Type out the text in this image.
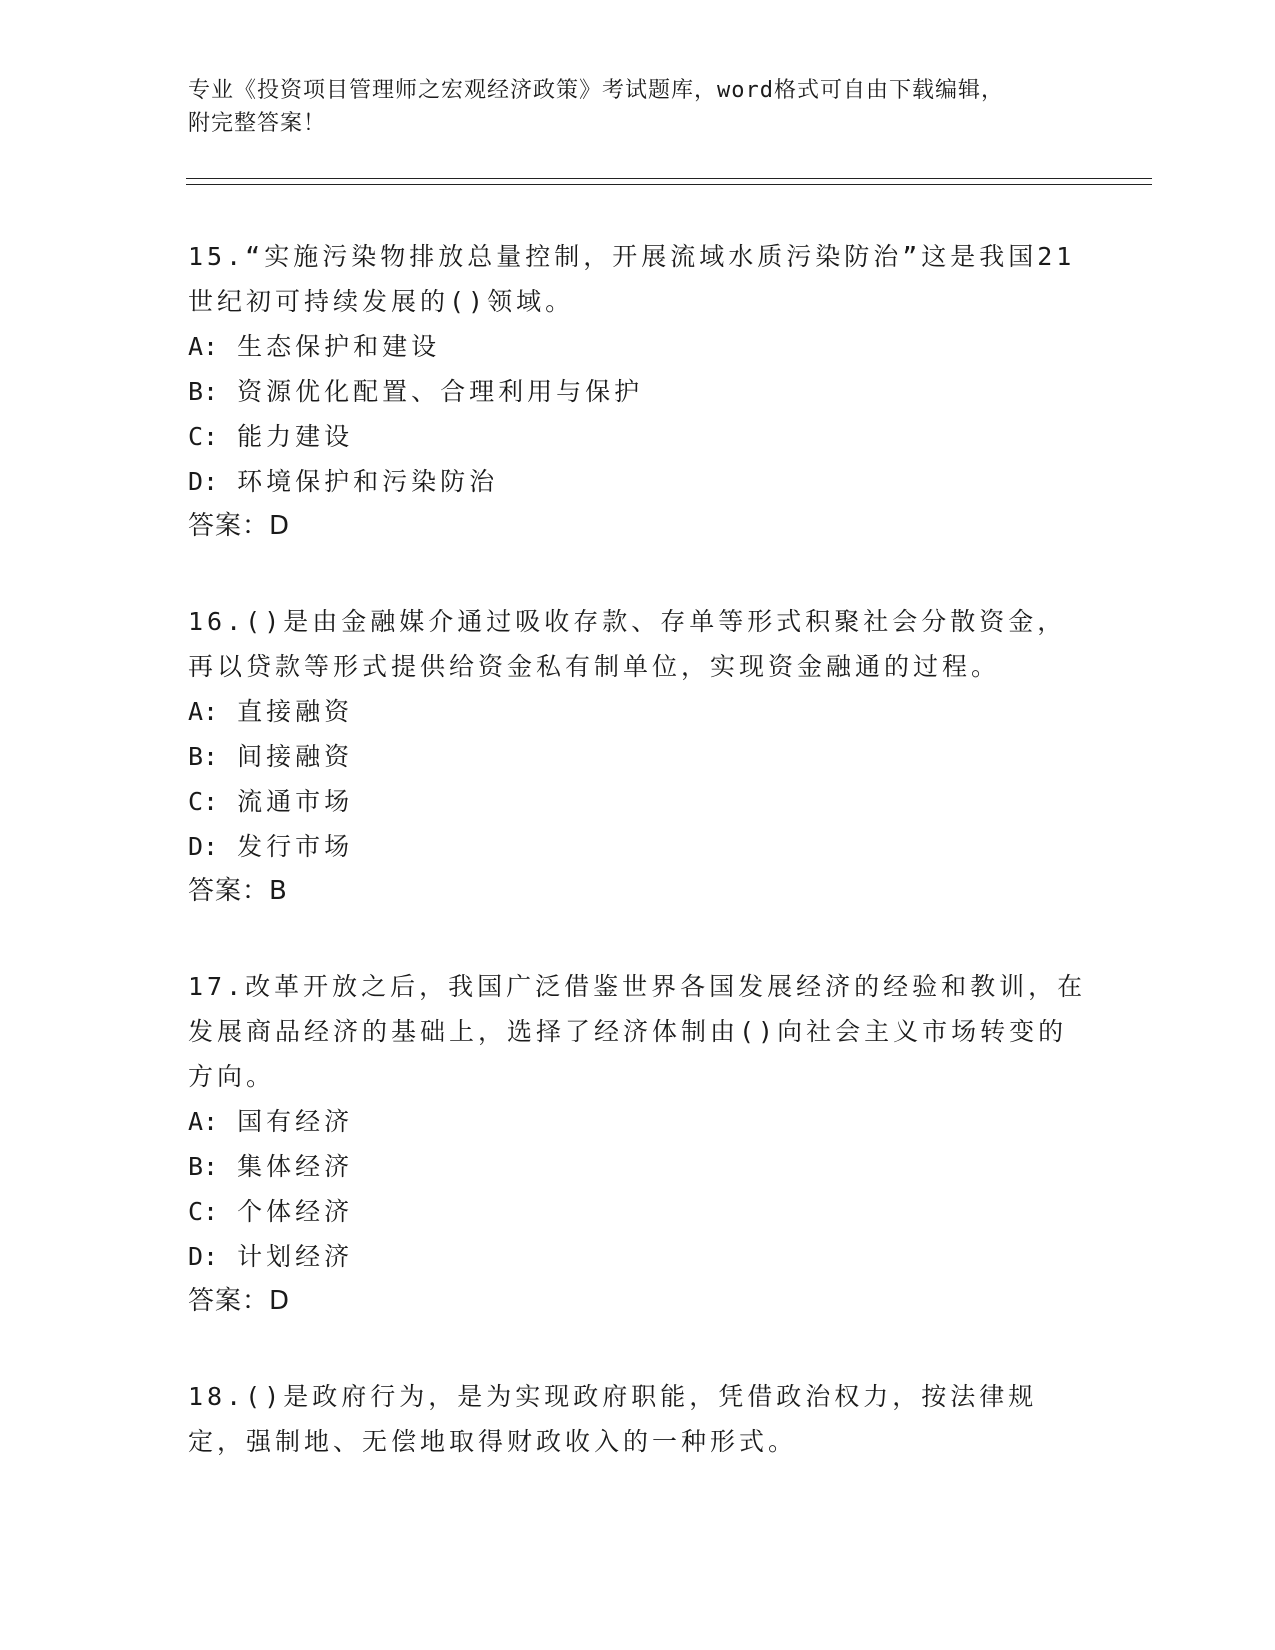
专业《投资项目管理师之宏观经济政策》考试题库，word格式可自由下载编辑，
附完整答案！
15.“实施污染物排放总量控制，开展流域水质污染防治”这是我国21世纪初可持续发展的()领域。
A: 生态保护和建设
B: 资源优化配置、合理利用与保护
C: 能力建设
D: 环境保护和污染防治
答案：D
16.()是由金融媒介通过吸收存款、存单等形式积聚社会分散资金，再以贷款等形式提供给资金私有制单位，实现资金融通的过程。
A: 直接融资
B: 间接融资
C: 流通市场
D: 发行市场
答案：B
17.改革开放之后，我国广泛借鉴世界各国发展经济的经验和教训，在发展商品经济的基础上，选择了经济体制由()向社会主义市场转变的方向。
A: 国有经济
B: 集体经济
C: 个体经济
D: 计划经济
答案：D
18.()是政府行为，是为实现政府职能，凭借政治权力，按法律规定，强制地、无偿地取得财政收入的一种形式。
